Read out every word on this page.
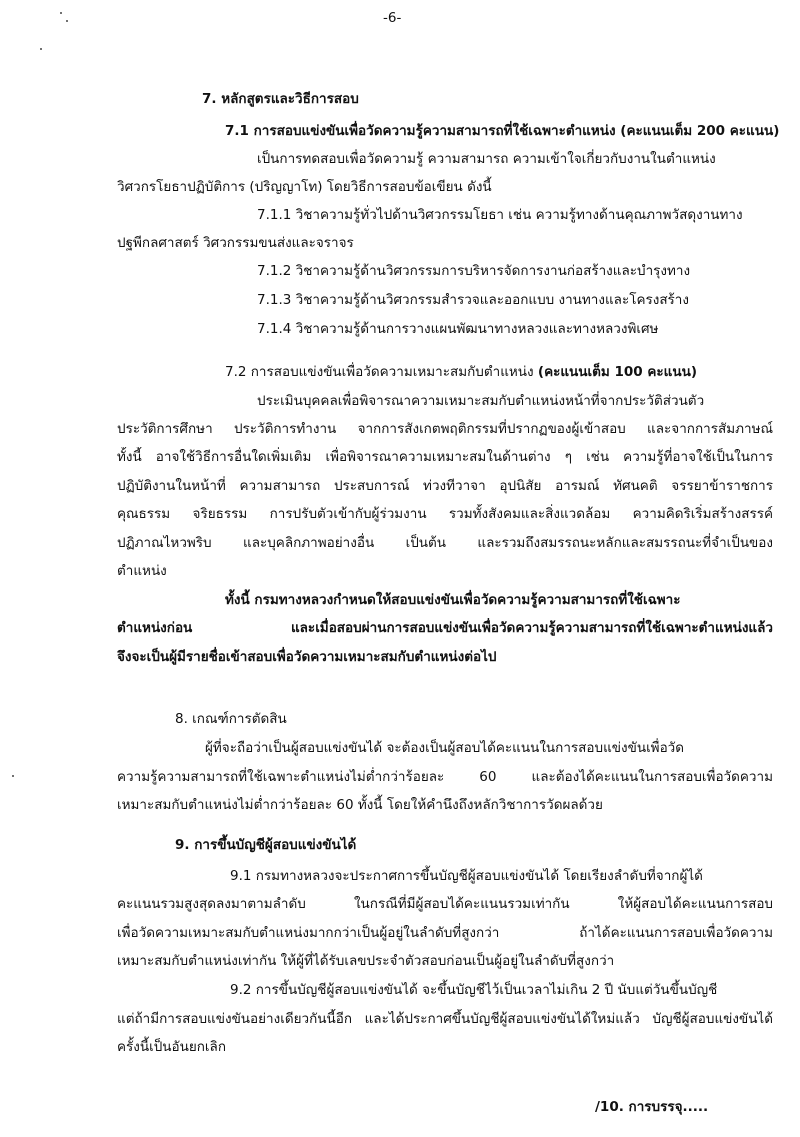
-6-
7. หลักสูตรและวิธีการสอบ
7.1 การสอบแข่งขันเพื่อวัดความรู้ความสามารถที่ใช้เฉพาะตำแหน่ง (คะแนนเต็ม 200 คะแนน)
เป็นการทดสอบเพื่อวัดความรู้ ความสามารถ ความเข้าใจเกี่ยวกับงานในตำแหน่ง
วิศวกรโยธาปฏิบัติการ (ปริญญาโท) โดยวิธีการสอบข้อเขียน ดังนี้
7.1.1 วิชาความรู้ทั่วไปด้านวิศวกรรมโยธา เช่น ความรู้ทางด้านคุณภาพวัสดุงานทาง
ปฐพีกลศาสตร์ วิศวกรรมขนส่งและจราจร
7.1.2 วิชาความรู้ด้านวิศวกรรมการบริหารจัดการงานก่อสร้างและบำรุงทาง
7.1.3 วิชาความรู้ด้านวิศวกรรมสำรวจและออกแบบ งานทางและโครงสร้าง
7.1.4 วิชาความรู้ด้านการวางแผนพัฒนาทางหลวงและทางหลวงพิเศษ
7.2 การสอบแข่งขันเพื่อวัดความเหมาะสมกับตำแหน่ง (คะแนนเต็ม 100 คะแนน)
ประเมินบุคคลเพื่อพิจารณาความเหมาะสมกับตำแหน่งหน้าที่จากประวัติส่วนตัว
ประวัติการศึกษา ประวัติการทำงาน จากการสังเกตพฤติกรรมที่ปรากฏของผู้เข้าสอบ และจากการสัมภาษณ์
ทั้งนี้ อาจใช้วิธีการอื่นใดเพิ่มเติม เพื่อพิจารณาความเหมาะสมในด้านต่าง ๆ เช่น ความรู้ที่อาจใช้เป็นในการ
ปฏิบัติงานในหน้าที่ ความสามารถ ประสบการณ์ ท่วงทีวาจา อุปนิสัย อารมณ์ ทัศนคติ จรรยาข้าราชการ
คุณธรรม จริยธรรม การปรับตัวเข้ากับผู้ร่วมงาน รวมทั้งสังคมและสิ่งแวดล้อม ความคิดริเริ่มสร้างสรรค์
ปฏิภาณไหวพริบ และบุคลิกภาพอย่างอื่น เป็นต้น และรวมถึงสมรรถนะหลักและสมรรถนะที่จำเป็นของ
ตำแหน่ง
ทั้งนี้ กรมทางหลวงกำหนดให้สอบแข่งขันเพื่อวัดความรู้ความสามารถที่ใช้เฉพาะ
ตำแหน่งก่อน และเมื่อสอบผ่านการสอบแข่งขันเพื่อวัดความรู้ความสามารถที่ใช้เฉพาะตำแหน่งแล้ว
จึงจะเป็นผู้มีรายชื่อเข้าสอบเพื่อวัดความเหมาะสมกับตำแหน่งต่อไป
8. เกณฑ์การตัดสิน
ผู้ที่จะถือว่าเป็นผู้สอบแข่งขันได้ จะต้องเป็นผู้สอบได้คะแนนในการสอบแข่งขันเพื่อวัด
ความรู้ความสามารถที่ใช้เฉพาะตำแหน่งไม่ต่ำกว่าร้อยละ 60 และต้องได้คะแนนในการสอบเพื่อวัดความ
เหมาะสมกับตำแหน่งไม่ต่ำกว่าร้อยละ 60 ทั้งนี้ โดยให้คำนึงถึงหลักวิชาการวัดผลด้วย
9. การขึ้นบัญชีผู้สอบแข่งขันได้
9.1 กรมทางหลวงจะประกาศการขึ้นบัญชีผู้สอบแข่งขันได้ โดยเรียงลำดับที่จากผู้ได้
คะแนนรวมสูงสุดลงมาตามลำดับ ในกรณีที่มีผู้สอบได้คะแนนรวมเท่ากัน ให้ผู้สอบได้คะแนนการสอบ
เพื่อวัดความเหมาะสมกับตำแหน่งมากกว่าเป็นผู้อยู่ในลำดับที่สูงกว่า ถ้าได้คะแนนการสอบเพื่อวัดความ
เหมาะสมกับตำแหน่งเท่ากัน ให้ผู้ที่ได้รับเลขประจำตัวสอบก่อนเป็นผู้อยู่ในลำดับที่สูงกว่า
9.2 การขึ้นบัญชีผู้สอบแข่งขันได้ จะขึ้นบัญชีไว้เป็นเวลาไม่เกิน 2 ปี นับแต่วันขึ้นบัญชี
แต่ถ้ามีการสอบแข่งขันอย่างเดียวกันนี้อีก และได้ประกาศขึ้นบัญชีผู้สอบแข่งขันได้ใหม่แล้ว บัญชีผู้สอบแข่งขันได้
ครั้งนี้เป็นอันยกเลิก
/10. การบรรจุ.....
